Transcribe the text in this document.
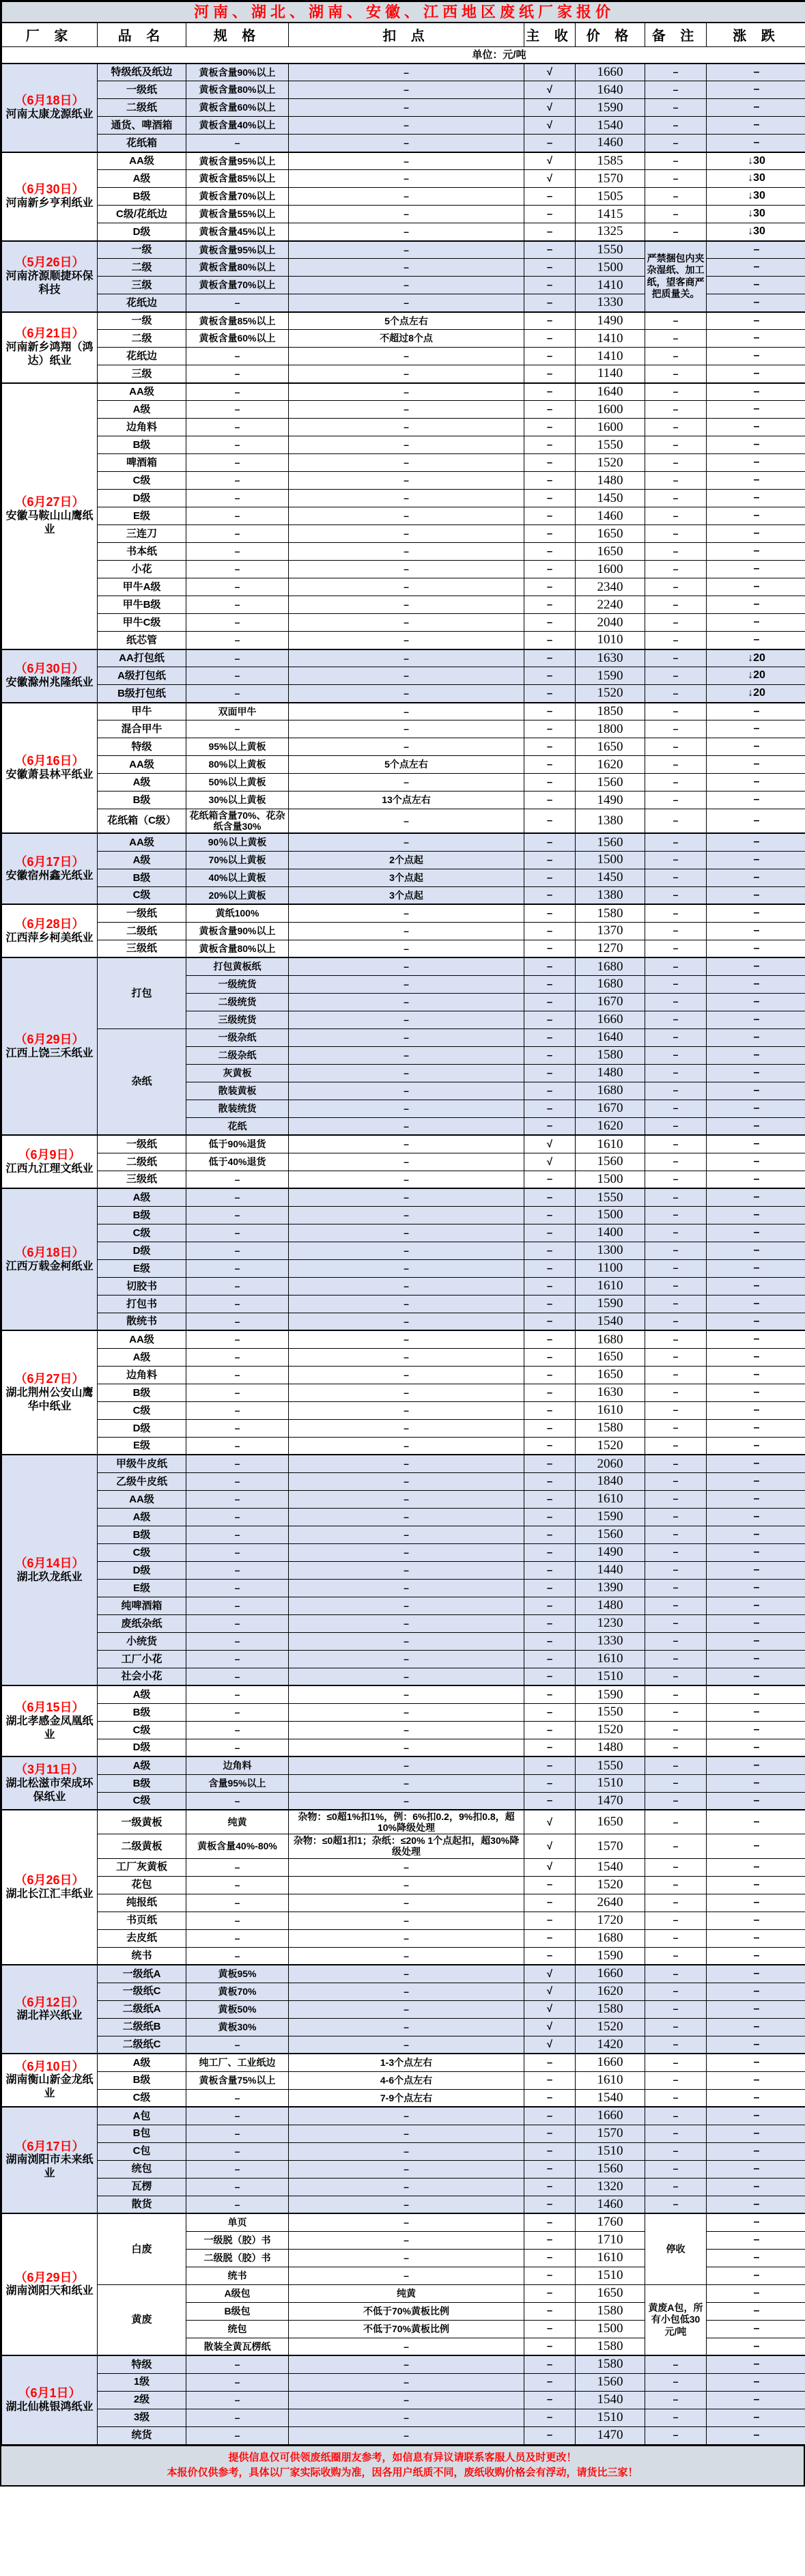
河南、湖北、湖南、安徽、江西地区废纸厂家报价							
厂 家	品 名	规 格	扣 点	主 收	价 格	备 注	涨 跌
单位：元/吨							

（6月18日）
河南太康龙源纸业	特级纸及纸边	黄板含量90%以上	–	√	1660	–	–
	一级纸	黄板含量80%以上	–	√	1640	–	–
	二级纸	黄板含量60%以上	–	√	1590	–	–
	通货、啤酒箱	黄板含量40%以上	–	√	1540	–	–
	花纸箱	–	–	–	1460	–	–

（6月30日）
河南新乡亨利纸业	AA级	黄板含量95%以上	–	√	1585	–	↓30
	A级	黄板含量85%以上	–	√	1570	–	↓30
	B级	黄板含量70%以上	–	–	1505	–	↓30
	C级/花纸边	黄板含量55%以上	–	–	1415	–	↓30
	D级	黄板含量45%以上	–	–	1325	–	↓30

（5月26日）
河南济源顺捷环保科技	一级	黄板含量95%以上	–	–	1550	严禁捆包内夹杂湿纸、加工纸，望客商严把质量关。	–
	二级	黄板含量80%以上	–	–	1500		–
	三级	黄板含量70%以上	–	–	1410		–
	花纸边	–	–	–	1330		–

（6月21日）
河南新乡鸿翔（鸿达）纸业	一级	黄板含量85%以上	5个点左右	–	1490	–	–
	二级	黄板含量60%以上	不超过8个点	–	1410	–	–
	花纸边	–	–	–	1410	–	–
	三级	–	–	–	1140	–	–

（6月27日）
安徽马鞍山山鹰纸业	AA级	–	–	–	1640	–	–
	A级	–	–	–	1600	–	–
	边角料	–	–	–	1600	–	–
	B级	–	–	–	1550	–	–
	啤酒箱	–	–	–	1520	–	–
	C级	–	–	–	1480	–	–
	D级	–	–	–	1450	–	–
	E级	–	–	–	1460	–	–
	三连刀	–	–	–	1650	–	–
	书本纸	–	–	–	1650	–	–
	小花	–	–	–	1600	–	–
	甲牛A级	–	–	–	2340	–	–
	甲牛B级	–	–	–	2240	–	–
	甲牛C级	–	–	–	2040	–	–
	纸芯管	–	–	–	1010	–	–

（6月30日）
安徽滁州兆隆纸业	AA打包纸	–	–	–	1630	–	↓20
	A级打包纸	–	–	–	1590	–	↓20
	B级打包纸	–	–	–	1520	–	↓20

（6月16日）
安徽萧县林平纸业	甲牛	双面甲牛	–	–	1850	–	–
	混合甲牛	–	–	–	1800	–	–
	特级	95%以上黄板	–	–	1650	–	–
	AA级	80%以上黄板	5个点左右	–	1620	–	–
	A级	50%以上黄板	–	–	1560	–	–
	B级	30%以上黄板	13个点左右	–	1490	–	–
	花纸箱（C级）	花纸箱含量70%、花杂纸含量30%	–	–	1380	–	–

（6月17日）
安徽宿州鑫光纸业	AA级	90％以上黄板	–	–	1560	–	–
	A级	70%以上黄板	2个点起	–	1500	–	–
	B级	40%以上黄板	3个点起	–	1450	–	–
	C级	20%以上黄板	3个点起	–	1380	–	–

（6月28日）
江西萍乡柯美纸业	一级纸	黄纸100%	–	–	1580	–	–
	二级纸	黄板含量90%以上	–	–	1370	–	–
	三级纸	黄板含量80%以上	–	–	1270	–	–

（6月29日）
江西上饶三禾纸业	打包	打包黄板纸	–	–	1680	–	–
		一级统货	–	–	1680	–	–
		二级统货	–	–	1670	–	–
		三级统货	–	–	1660	–	–
	杂纸	一级杂纸	–	–	1640	–	–
		二级杂纸	–	–	1580	–	–
		灰黄板	–	–	1480	–	–
		散装黄板	–	–	1680	–	–
		散装统货	–	–	1670	–	–
		花纸	–	–	1620	–	–

（6月9日）
江西九江理文纸业	一级纸	低于90%退货	–	√	1610	–	–
	二级纸	低于40%退货	–	√	1560	–	–
	三级纸	–	–	–	1500	–	–

（6月18日）
江西万载金柯纸业	A级	–	–	–	1550	–	–
	B级	–	–	–	1500	–	–
	C级	–	–	–	1400	–	–
	D级	–	–	–	1300	–	–
	E级	–	–	–	1100	–	–
	切胶书	–	–	–	1610	–	–
	打包书	–	–	–	1590	–	–
	散统书	–	–	–	1540	–	–

（6月27日）
湖北荆州公安山鹰华中纸业	AA级	–	–	–	1680	–	–
	A级	–	–	–	1650	–	–
	边角料	–	–	–	1650	–	–
	B级	–	–	–	1630	–	–
	C级	–	–	–	1610	–	–
	D级	–	–	–	1580	–	–
	E级	–	–	–	1520	–	–

（6月14日）
湖北玖龙纸业	甲级牛皮纸	–	–	–	2060	–	–
	乙级牛皮纸	–	–	–	1840	–	–
	AA级	–	–	–	1610	–	–
	A级	–	–	–	1590	–	–
	B级	–	–	–	1560	–	–
	C级	–	–	–	1490	–	–
	D级	–	–	–	1440	–	–
	E级	–	–	–	1390	–	–
	纯啤酒箱	–	–	–	1480	–	–
	废纸杂纸	–	–	–	1230	–	–
	小统货	–	–	–	1330	–	–
	工厂小花	–	–	–	1610	–	–
	社会小花	–	–	–	1510	–	–

（6月15日）
湖北孝感金凤凰纸业	A级	–	–	–	1590	–	–
	B级	–	–	–	1550	–	–
	C级	–	–	–	1520	–	–
	D级	–	–	–	1480	–	–

（3月11日）
湖北松滋市荣成环保纸业	A级	边角料	–	–	1550	–	–
	B级	含量95%以上	–	–	1510	–	–
	C级	–	–	–	1470	–	–

（6月26日）
湖北长江汇丰纸业	一级黄板	纯黄	杂物：≤0超1%扣1%，例：6%扣0.2，9%扣0.8，超10%降级处理	√	1650	–	–
	二级黄板	黄板含量40%-80%	杂物：≤0超1扣1；杂纸：≤20% 1个点起扣，超30%降级处理	√	1570	–	–
	工厂灰黄板	–	–	√	1540	–	–
	花包	–	–	–	1520	–	–
	纯报纸	–	–	–	2640	–	–
	书页纸	–	–	–	1720	–	–
	去皮纸	–	–	–	1680	–	–
	统书	–	–	–	1590	–	–

（6月12日）
湖北祥兴纸业	一级纸A	黄板95%	–	√	1660	–	–
	一级纸C	黄板70%	–	√	1620	–	–
	二级纸A	黄板50%	–	√	1580	–	–
	二级纸B	黄板30%	–	√	1520	–	–
	二级纸C	–	–	√	1420	–	–

（6月10日）
湖南衡山新金龙纸业	A级	纯工厂、工业纸边	1-3个点左右	–	1660	–	–
	B级	黄板含量75%以上	4-6个点左右	–	1610	–	–
	C级	–	7-9个点左右	–	1540	–	–

（6月17日）
湖南浏阳市未来纸业	A包	–	–	–	1660	–	–
	B包	–	–	–	1570	–	–
	C包	–	–	–	1510	–	–
	统包	–	–	–	1560	–	–
	瓦楞	–	–	–	1320	–	–
	散货	–	–	–	1460	–	–

（6月29日）
湖南浏阳天和纸业	白废	单页	–	–	1760	停收	–
		一级脱（胶）书	–	–	1710		–
		二级脱（胶）书	–	–	1610		–
		统书	–	–	1510		–
	黄废	A级包	纯黄	–	1650	黄废A包，所有小包低30元/吨	–
		B级包	不低于70%黄板比例	–	1580		–
		统包	不低于70%黄板比例	–	1500		–
		散装全黄瓦楞纸	–	–	1580		–

（6月1日）
湖北仙桃银鸿纸业	特级	–	–	–	1580	–	–
	1级	–	–	–	1560	–	–
	2级	–	–	–	1540	–	–
	3级	–	–	–	1510	–	–
	统货	–	–	–	1470	–	–
提供信息仅可供领废纸圈朋友参考，如信息有异议请联系客服人员及时更改！
本报价仅供参考，具体以厂家实际收购为准，因各用户纸质不同，废纸收购价格会有浮动，请货比三家！
